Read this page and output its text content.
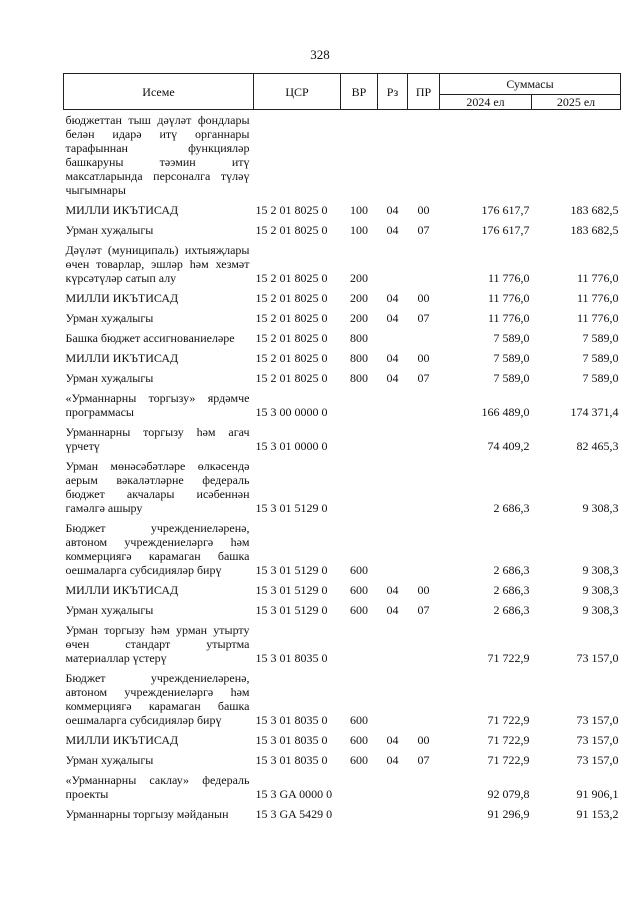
328
Исеме	ЦСР	ВР	Рз	ПР	Суммасы	
					2024 ел	2025 ел
бюджеттан тыш дәүләт фондлары белән идарә итү органнары тарафыннан функцияләр башкаруны тәэмин итү максатларында персоналга түләү чыгымнары						
МИЛЛИ ИКЪТИСАД	15 2 01 8025 0	100	04	00	176 617,7	183 682,5
Урман хуҗалыгы	15 2 01 8025 0	100	04	07	176 617,7	183 682,5
Дәүләт (муниципаль) ихтыяҗлары өчен товарлар, эшләр һәм хезмәт күрсәтүләр сатып алу	15 2 01 8025 0	200			11 776,0	11 776,0
МИЛЛИ ИКЪТИСАД	15 2 01 8025 0	200	04	00	11 776,0	11 776,0
Урман хуҗалыгы	15 2 01 8025 0	200	04	07	11 776,0	11 776,0
Башка бюджет ассигнованиеләре	15 2 01 8025 0	800			7 589,0	7 589,0
МИЛЛИ ИКЪТИСАД	15 2 01 8025 0	800	04	00	7 589,0	7 589,0
Урман хуҗалыгы	15 2 01 8025 0	800	04	07	7 589,0	7 589,0
«Урманнарны торгызу» ярдәмче программасы	15 3 00 0000 0				166 489,0	174 371,4
Урманнарны торгызу һәм агач үрчетү	15 3 01 0000 0				74 409,2	82 465,3
Урман мөнәсәбәтләре өлкәсендә аерым вәкаләтләрне федераль бюджет акчалары исәбеннән гамәлгә ашыру	15 3 01 5129 0				2 686,3	9 308,3
Бюджет учреждениеләренә, автоном учреждениеләргә һәм коммерциягә карамаган башка оешмаларга субсидияләр бирү	15 3 01 5129 0	600			2 686,3	9 308,3
МИЛЛИ ИКЪТИСАД	15 3 01 5129 0	600	04	00	2 686,3	9 308,3
Урман хуҗалыгы	15 3 01 5129 0	600	04	07	2 686,3	9 308,3
Урман торгызу һәм урман утырту өчен стандарт утыртма материаллар үстерү	15 3 01 8035 0				71 722,9	73 157,0
Бюджет учреждениеләренә, автоном учреждениеләргә һәм коммерциягә карамаган башка оешмаларга субсидияләр бирү	15 3 01 8035 0	600			71 722,9	73 157,0
МИЛЛИ ИКЪТИСАД	15 3 01 8035 0	600	04	00	71 722,9	73 157,0
Урман хуҗалыгы	15 3 01 8035 0	600	04	07	71 722,9	73 157,0
«Урманнарны саклау» федераль проекты	15 3 GA 0000 0				92 079,8	91 906,1
Урманнарны торгызу мәйданын	15 3 GA 5429 0				91 296,9	91 153,2
